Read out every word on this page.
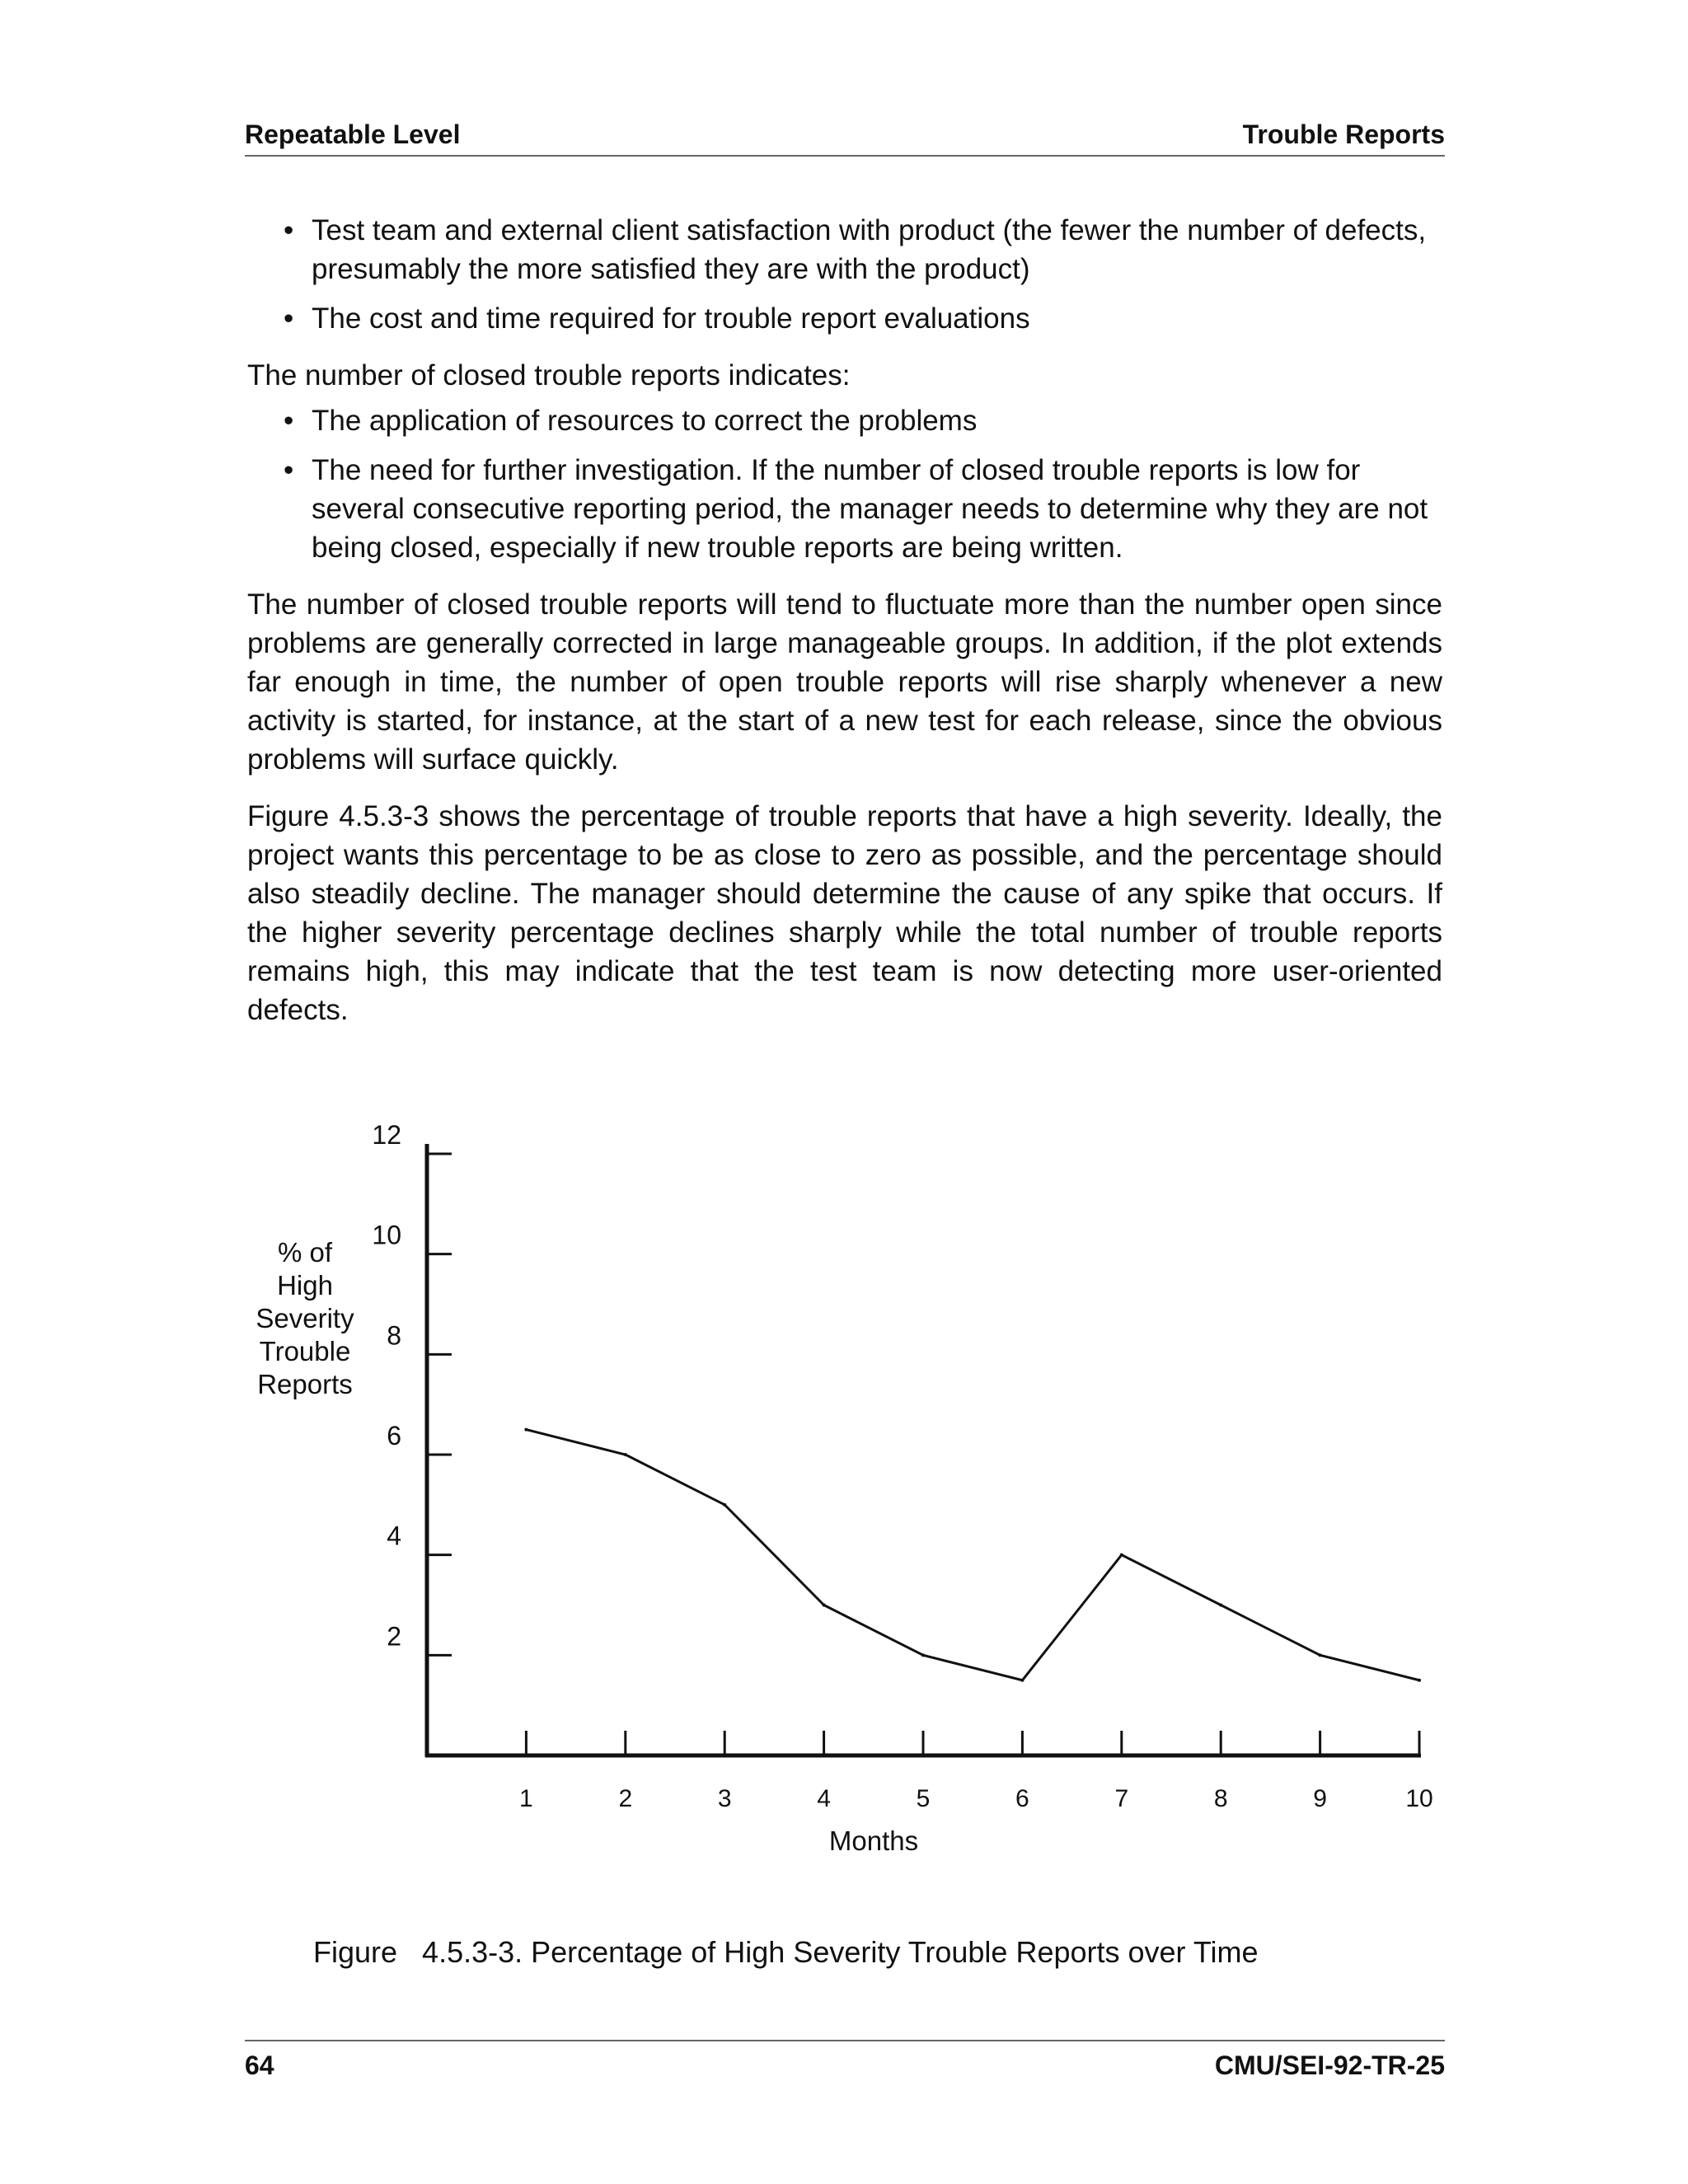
Repeatable Level	Trouble Reports
• Test team and external client satisfaction with product (the fewer the number of defects, presumably the more satisfied they are with the product)
• The cost and time required for trouble report evaluations

The number of closed trouble reports indicates:

• The application of resources to correct the problems
• The need for further investigation. If the number of closed trouble reports is low for several consecutive reporting period, the manager needs to determine why they are not being closed, especially if new trouble reports are being written.

The number of closed trouble reports will tend to fluctuate more than the number open since problems are generally corrected in large manageable groups. In addition, if the plot extends far enough in time, the number of open trouble reports will rise sharply whenever a new activity is started, for instance, at the start of a new test for each release, since the obvious problems will surface quickly.

Figure 4.5.3-3 shows the percentage of trouble reports that have a high severity. Ideally, the project wants this percentage to be as close to zero as possible, and the percentage should also steadily decline. The manager should determine the cause of any spike that occurs. If the higher severity percentage declines sharply while the total number of trouble reports remains high, this may indicate that the test team is now detecting more user-oriented defects.

2
4
6
8
10
12
1	2	3	4	5	6	7	8	9	10
% of
High
Severity
Trouble
Reports
Months
Figure   4.5.3-3. Percentage of High Severity Trouble Reports over Time
64	CMU/SEI-92-TR-25
